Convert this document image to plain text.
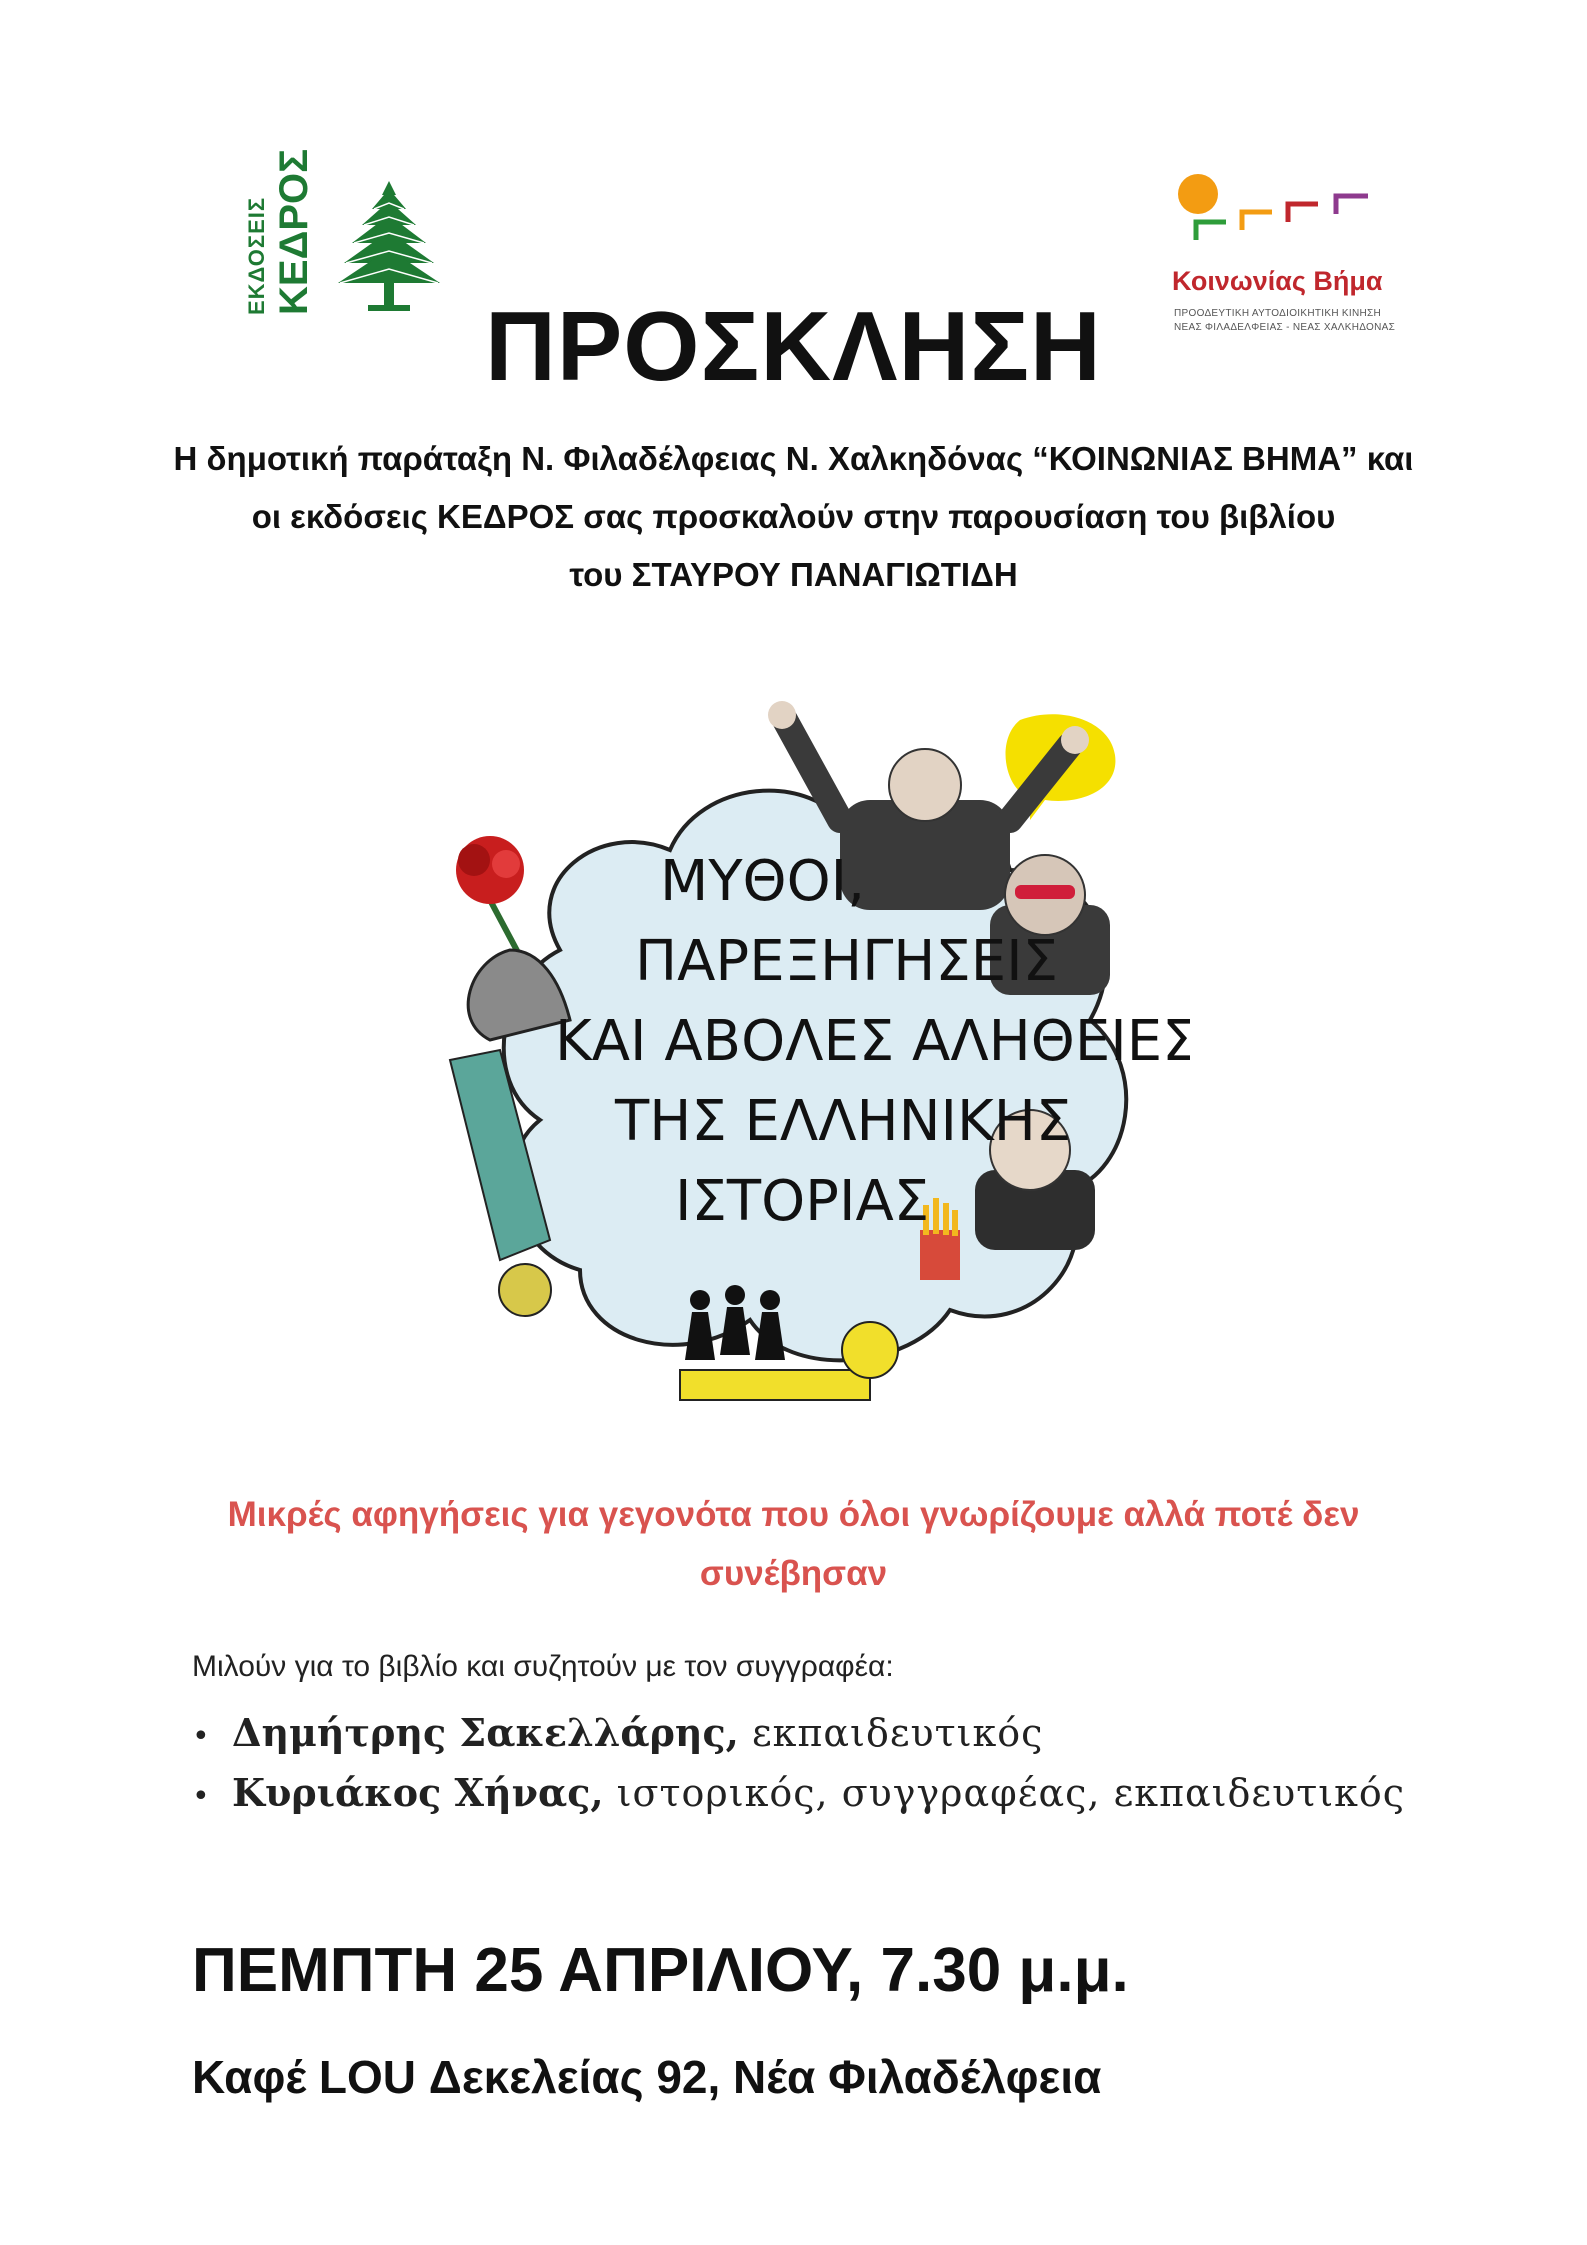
ΕΚΔΟΣΕΙΣ ΚΕΔΡΟΣ	Κοινωνίας Βήμα
ΠΡΟΟΔΕΥΤΙΚΗ ΑΥΤΟΔΙΟΙΚΗΤΙΚΗ ΚΙΝΗΣΗ
ΝΕΑΣ ΦΙΛΑΔΕΛΦΕΙΑΣ - ΝΕΑΣ ΧΑΛΚΗΔΟΝΑΣ
ΠΡΟΣΚΛΗΣΗ
Η δημοτική παράταξη Ν. Φιλαδέλφειας Ν. Χαλκηδόνας “ΚΟΙΝΩΝΙΑΣ ΒΗΜΑ” και
οι εκδόσεις ΚΕΔΡΟΣ σας προσκαλούν στην παρουσίαση του βιβλίου
του ΣΤΑΥΡΟΥ ΠΑΝΑΓΙΩΤΙΔΗ
ΜΥΘΟΙ,
ΠΑΡΕΞΗΓΗΣΕΙΣ
ΚΑΙ ΑΒΟΛΕΣ ΑΛΗΘΕΙΕΣ
ΤΗΣ ΕΛΛΗΝΙΚΗΣ
ΙΣΤΟΡΙΑΣ
Μικρές αφηγήσεις για γεγονότα που όλοι γνωρίζουμε αλλά ποτέ δεν
συνέβησαν
Μιλούν για το βιβλίο και συζητούν με τον συγγραφέα:
• Δημήτρης Σακελλάρης, εκπαιδευτικός
• Κυριάκος Χήνας, ιστορικός, συγγραφέας, εκπαιδευτικός
ΠΕΜΠΤΗ 25 ΑΠΡΙΛΙΟΥ, 7.30 μ.μ.
Καφέ LOU Δεκελείας 92, Νέα Φιλαδέλφεια
